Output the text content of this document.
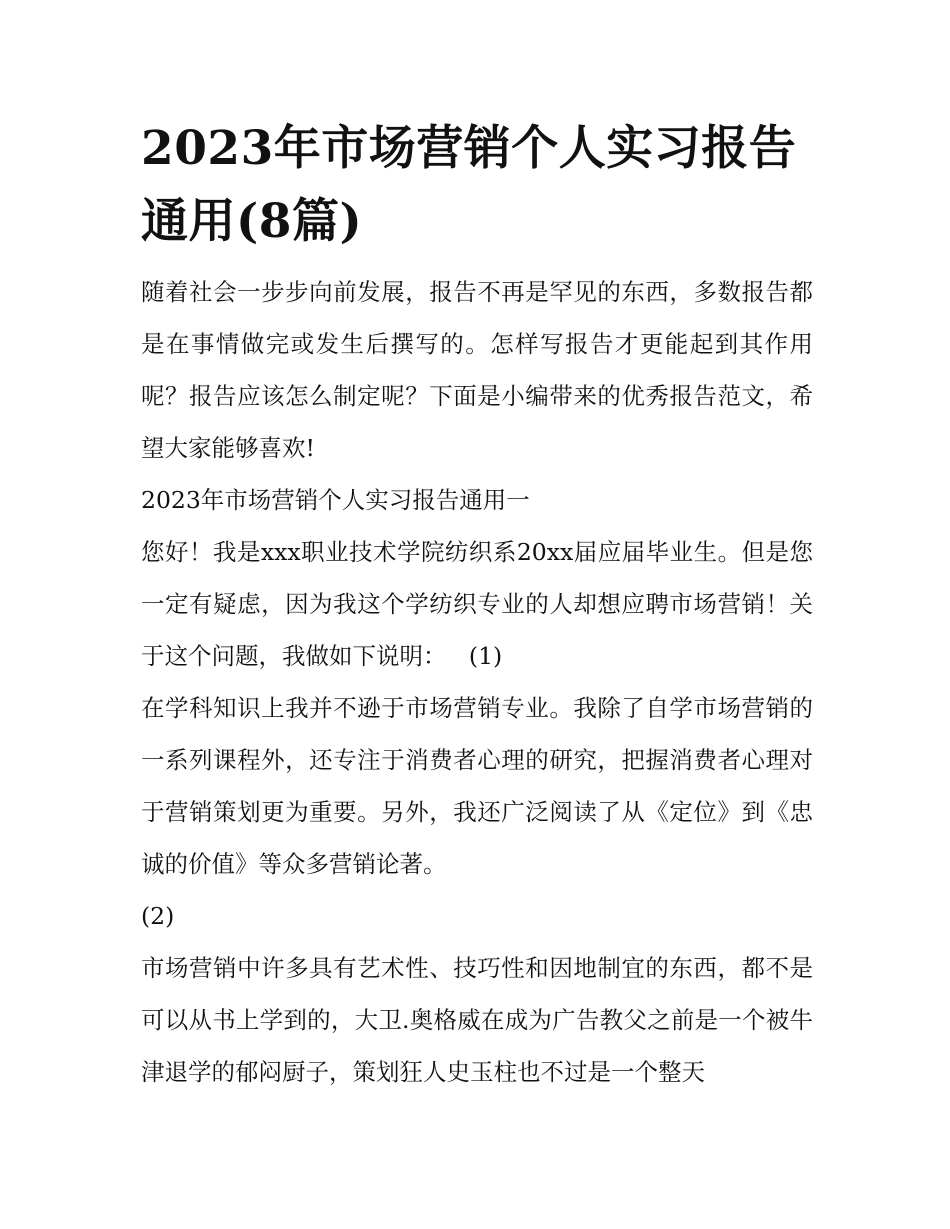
2023年市场营销个人实习报告
通用(8篇)

随着社会一步步向前发展，报告不再是罕见的东西，多数报告都是在事情做完或发生后撰写的。怎样写报告才更能起到其作用呢？报告应该怎么制定呢？下面是小编带来的优秀报告范文，希望大家能够喜欢!

2023年市场营销个人实习报告通用一

您好！我是xxx职业技术学院纺织系20xx届应届毕业生。但是您一定有疑虑，因为我这个学纺织专业的人却想应聘市场营销！关于这个问题，我做如下说明：   (1)

在学科知识上我并不逊于市场营销专业。我除了自学市场营销的一系列课程外，还专注于消费者心理的研究，把握消费者心理对于营销策划更为重要。另外，我还广泛阅读了从《定位》到《忠诚的价值》等众多营销论著。

(2)

市场营销中许多具有艺术性、技巧性和因地制宜的东西，都不是可以从书上学到的，大卫.奥格威在成为广告教父之前是一个被牛津退学的郁闷厨子，策划狂人史玉柱也不过是一个整天
